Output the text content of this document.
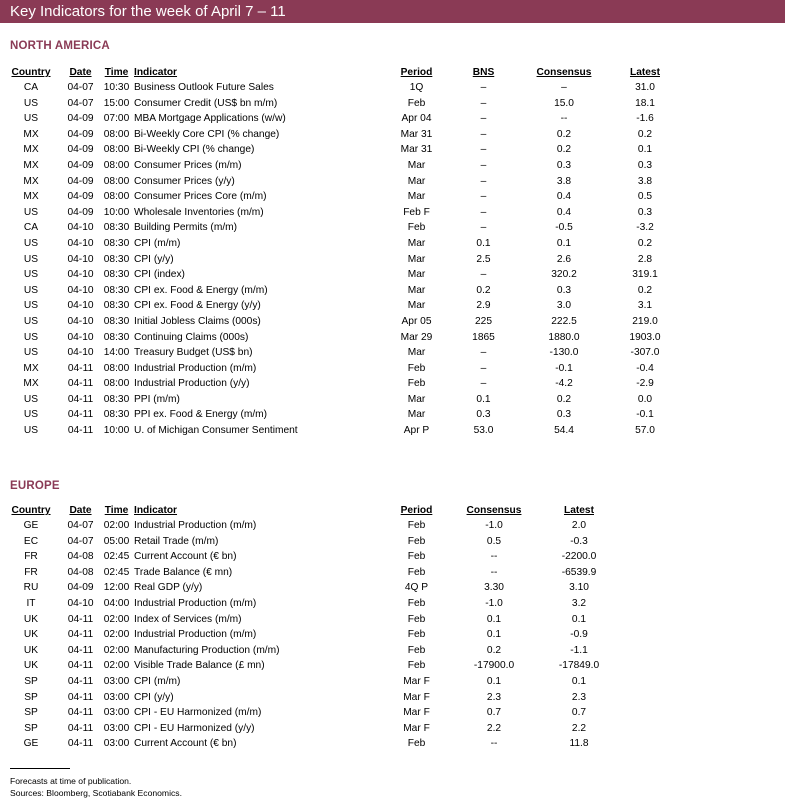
Key Indicators for the week of April 7 – 11
NORTH AMERICA
Country	Date	Time	Indicator	Period	BNS	Consensus	Latest
CA	04-07	10:30	Business Outlook Future Sales	1Q	–	–	31.0
US	04-07	15:00	Consumer Credit (US$ bn m/m)	Feb	–	15.0	18.1
US	04-09	07:00	MBA Mortgage Applications (w/w)	Apr 04	–	--	-1.6
MX	04-09	08:00	Bi-Weekly Core CPI (% change)	Mar 31	–	0.2	0.2
MX	04-09	08:00	Bi-Weekly CPI (% change)	Mar 31	–	0.2	0.1
MX	04-09	08:00	Consumer Prices (m/m)	Mar	–	0.3	0.3
MX	04-09	08:00	Consumer Prices (y/y)	Mar	–	3.8	3.8
MX	04-09	08:00	Consumer Prices Core (m/m)	Mar	–	0.4	0.5
US	04-09	10:00	Wholesale Inventories (m/m)	Feb F	–	0.4	0.3
CA	04-10	08:30	Building Permits (m/m)	Feb	–	-0.5	-3.2
US	04-10	08:30	CPI (m/m)	Mar	0.1	0.1	0.2
US	04-10	08:30	CPI (y/y)	Mar	2.5	2.6	2.8
US	04-10	08:30	CPI (index)	Mar	–	320.2	319.1
US	04-10	08:30	CPI ex. Food & Energy (m/m)	Mar	0.2	0.3	0.2
US	04-10	08:30	CPI ex. Food & Energy (y/y)	Mar	2.9	3.0	3.1
US	04-10	08:30	Initial Jobless Claims (000s)	Apr 05	225	222.5	219.0
US	04-10	08:30	Continuing Claims (000s)	Mar 29	1865	1880.0	1903.0
US	04-10	14:00	Treasury Budget (US$ bn)	Mar	–	-130.0	-307.0
MX	04-11	08:00	Industrial Production (m/m)	Feb	–	-0.1	-0.4
MX	04-11	08:00	Industrial Production (y/y)	Feb	–	-4.2	-2.9
US	04-11	08:30	PPI (m/m)	Mar	0.1	0.2	0.0
US	04-11	08:30	PPI ex. Food & Energy (m/m)	Mar	0.3	0.3	-0.1
US	04-11	10:00	U. of Michigan Consumer Sentiment	Apr P	53.0	54.4	57.0
EUROPE
Country	Date	Time	Indicator	Period	Consensus	Latest
GE	04-07	02:00	Industrial Production (m/m)	Feb	-1.0	2.0
EC	04-07	05:00	Retail Trade (m/m)	Feb	0.5	-0.3
FR	04-08	02:45	Current Account (€ bn)	Feb	--	-2200.0
FR	04-08	02:45	Trade Balance (€ mn)	Feb	--	-6539.9
RU	04-09	12:00	Real GDP (y/y)	4Q P	3.30	3.10
IT	04-10	04:00	Industrial Production (m/m)	Feb	-1.0	3.2
UK	04-11	02:00	Index of Services (m/m)	Feb	0.1	0.1
UK	04-11	02:00	Industrial Production (m/m)	Feb	0.1	-0.9
UK	04-11	02:00	Manufacturing Production (m/m)	Feb	0.2	-1.1
UK	04-11	02:00	Visible Trade Balance (£ mn)	Feb	-17900.0	-17849.0
SP	04-11	03:00	CPI (m/m)	Mar F	0.1	0.1
SP	04-11	03:00	CPI (y/y)	Mar F	2.3	2.3
SP	04-11	03:00	CPI - EU Harmonized (m/m)	Mar F	0.7	0.7
SP	04-11	03:00	CPI - EU Harmonized (y/y)	Mar F	2.2	2.2
GE	04-11	03:00	Current Account (€ bn)	Feb	--	11.8
Forecasts at time of publication.
Sources: Bloomberg, Scotiabank Economics.
